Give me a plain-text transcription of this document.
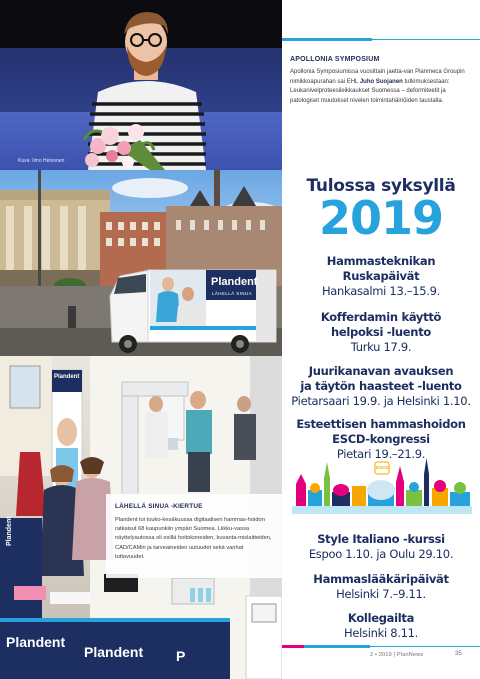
Kuva: Ilmo Heinonen
APOLLONIA SYMPOSIUM

Apollonia Symposiumissa vuosittain jaetta-van Planmeca Groupin nimikkoapurahan sai EHL Juho Suojanen tutkimuksestaan: Leukanivelproteesileikkaukset Suomessa – deformiteetit ja patologiset muutokset nivelen toimintahäiriöiden taustalla.

Plandent
LÄHELLÄ SINUA
Plandent
Plandent
Plandent P
Plandent
LÄHELLÄ SINUA -KIERTUE

Plandent toi touko-kesäkuussa digitaalisen hammas-hoidon ratkaisut 68 kaupunkiin ympäri Suomea. Liikku-vassa näyttelyautossa oli esillä hoitokoneiden, kuvanta-mislaitteiden, CAD/CAMin ja tarveaineiden uutuudet sekä vanhat tuttavuudet.

Tulossa syksyllä
2019
Hammasteknikan
Ruskapäivät
Hankasalmi 13.–15.9.
Kofferdamin käyttö
helpoksi -luento
Turku 17.9.
Juurikanavan avauksen
ja täytön haasteet -luento
Pietarsaari 19.9. ja Helsinki 1.10.
Esteettisen hammashoidon
ESCD-kongressi
Pietari 19.–21.9.
ESCD
Style Italiano -kurssi
Espoo 1.10. ja Oulu 29.10.
Hammaslääkäripäivät
Helsinki 7.–9.11.
Kollegailta
Helsinki 8.11.
2 • 2019 | PlanNews	35
